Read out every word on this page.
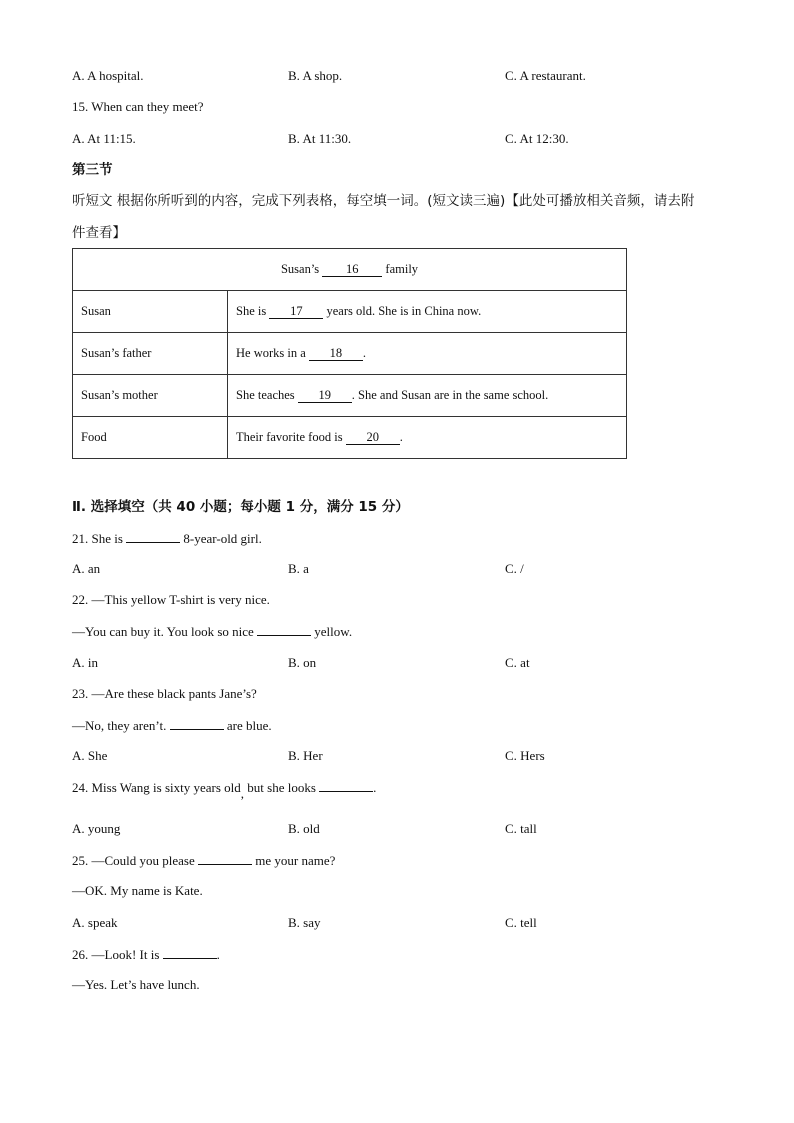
A. A hospital.	B. A shop.	C. A restaurant.
15. When can they meet?
A. At 11:15.	B. At 11:30.	C. At 12:30.
第三节
听短文 根据你所听到的内容，完成下列表格，每空填一词。(短文读三遍)【此处可播放相关音频，请去附
件查看】
Susan’s 16 family	
Susan	She is 17 years old. She is in China now.
Susan’s father	He works in a 18 .
Susan’s mother	She teaches 19 . She and Susan are in the same school.
Food	Their favorite food is 20 .
Ⅱ. 选择填空（共 40 小题；每小题 1 分，满分 15 分）
21. She is	8-year-old girl.
A. an	B. a	C. /
22. —This yellow T-shirt is very nice.
—You can buy it. You look so nice	yellow.
A. in	B. on	C. at
23. —Are these black pants Jane’s?
—No, they aren’t.	are blue.
A. She	B. Her	C. Hers
24. Miss Wang is sixty years old, but she looks	.
A. young	B. old	C. tall
25. —Could you please	me your name?
—OK. My name is Kate.
A. speak	B. say	C. tell
26. —Look! It is	.
—Yes. Let’s have lunch.
